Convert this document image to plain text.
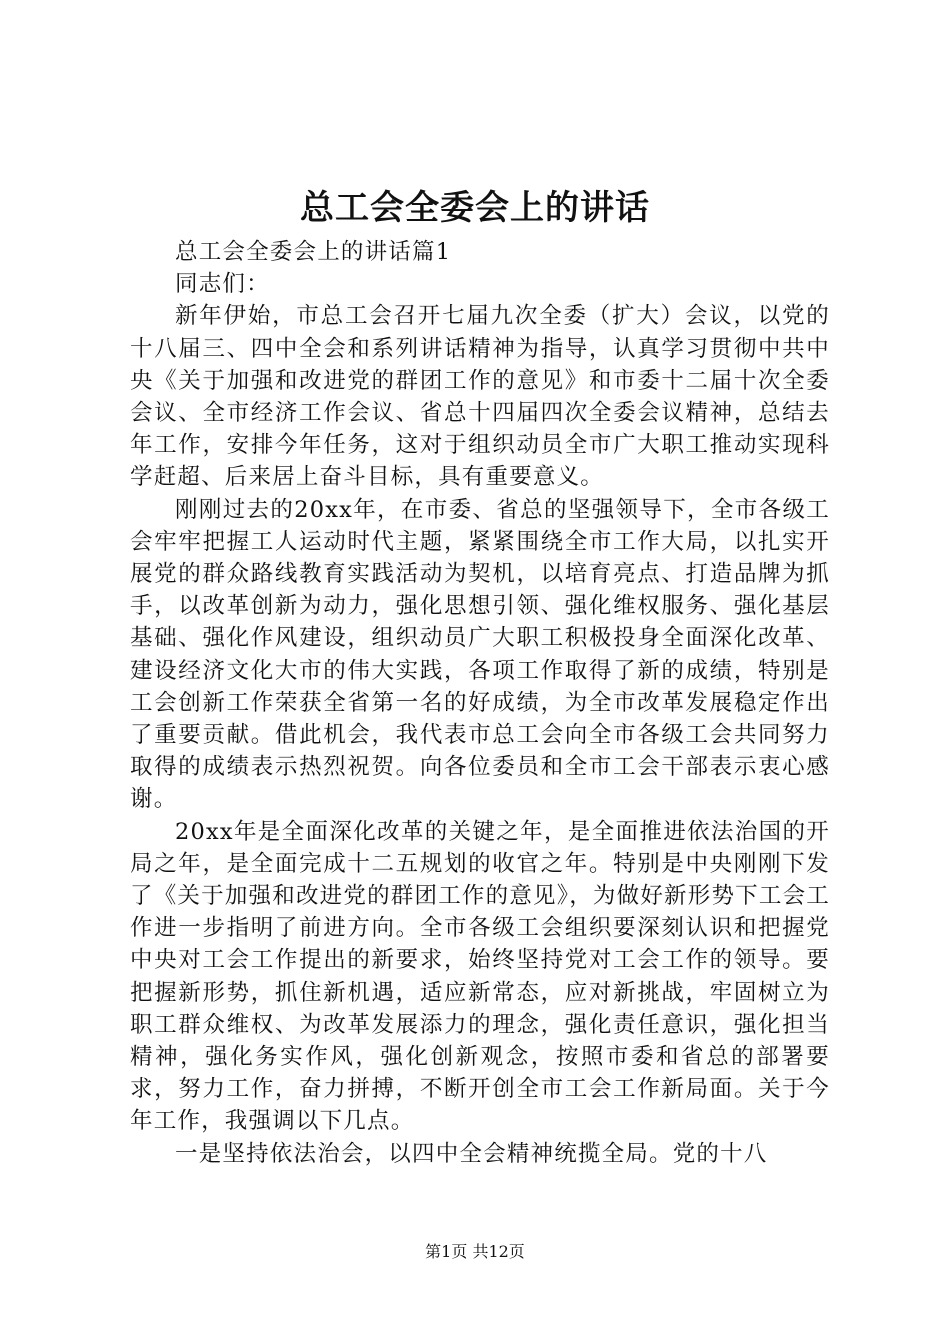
总工会全委会上的讲话

总工会全委会上的讲话篇1

同志们：

新年伊始，市总工会召开七届九次全委（扩大）会议，以党的十八届三、四中全会和系列讲话精神为指导，认真学习贯彻中共中央《关于加强和改进党的群团工作的意见》和市委十二届十次全委会议、全市经济工作会议、省总十四届四次全委会议精神，总结去年工作，安排今年任务，这对于组织动员全市广大职工推动实现科学赶超、后来居上奋斗目标，具有重要意义。

刚刚过去的20xx年，在市委、省总的坚强领导下，全市各级工会牢牢把握工人运动时代主题，紧紧围绕全市工作大局，以扎实开展党的群众路线教育实践活动为契机，以培育亮点、打造品牌为抓手，以改革创新为动力，强化思想引领、强化维权服务、强化基层基础、强化作风建设，组织动员广大职工积极投身全面深化改革、建设经济文化大市的伟大实践，各项工作取得了新的成绩，特别是工会创新工作荣获全省第一名的好成绩，为全市改革发展稳定作出了重要贡献。借此机会，我代表市总工会向全市各级工会共同努力取得的成绩表示热烈祝贺。向各位委员和全市工会干部表示衷心感谢。

20xx年是全面深化改革的关键之年，是全面推进依法治国的开局之年，是全面完成十二五规划的收官之年。特别是中央刚刚下发了《关于加强和改进党的群团工作的意见》，为做好新形势下工会工作进一步指明了前进方向。全市各级工会组织要深刻认识和把握党中央对工会工作提出的新要求，始终坚持党对工会工作的领导。要把握新形势，抓住新机遇，适应新常态，应对新挑战，牢固树立为职工群众维权、为改革发展添力的理念，强化责任意识，强化担当精神，强化务实作风，强化创新观念，按照市委和省总的部署要求，努力工作，奋力拼搏，不断开创全市工会工作新局面。关于今年工作，我强调以下几点。

一是坚持依法治会，以四中全会精神统揽全局。党的十八

第1页 共12页
